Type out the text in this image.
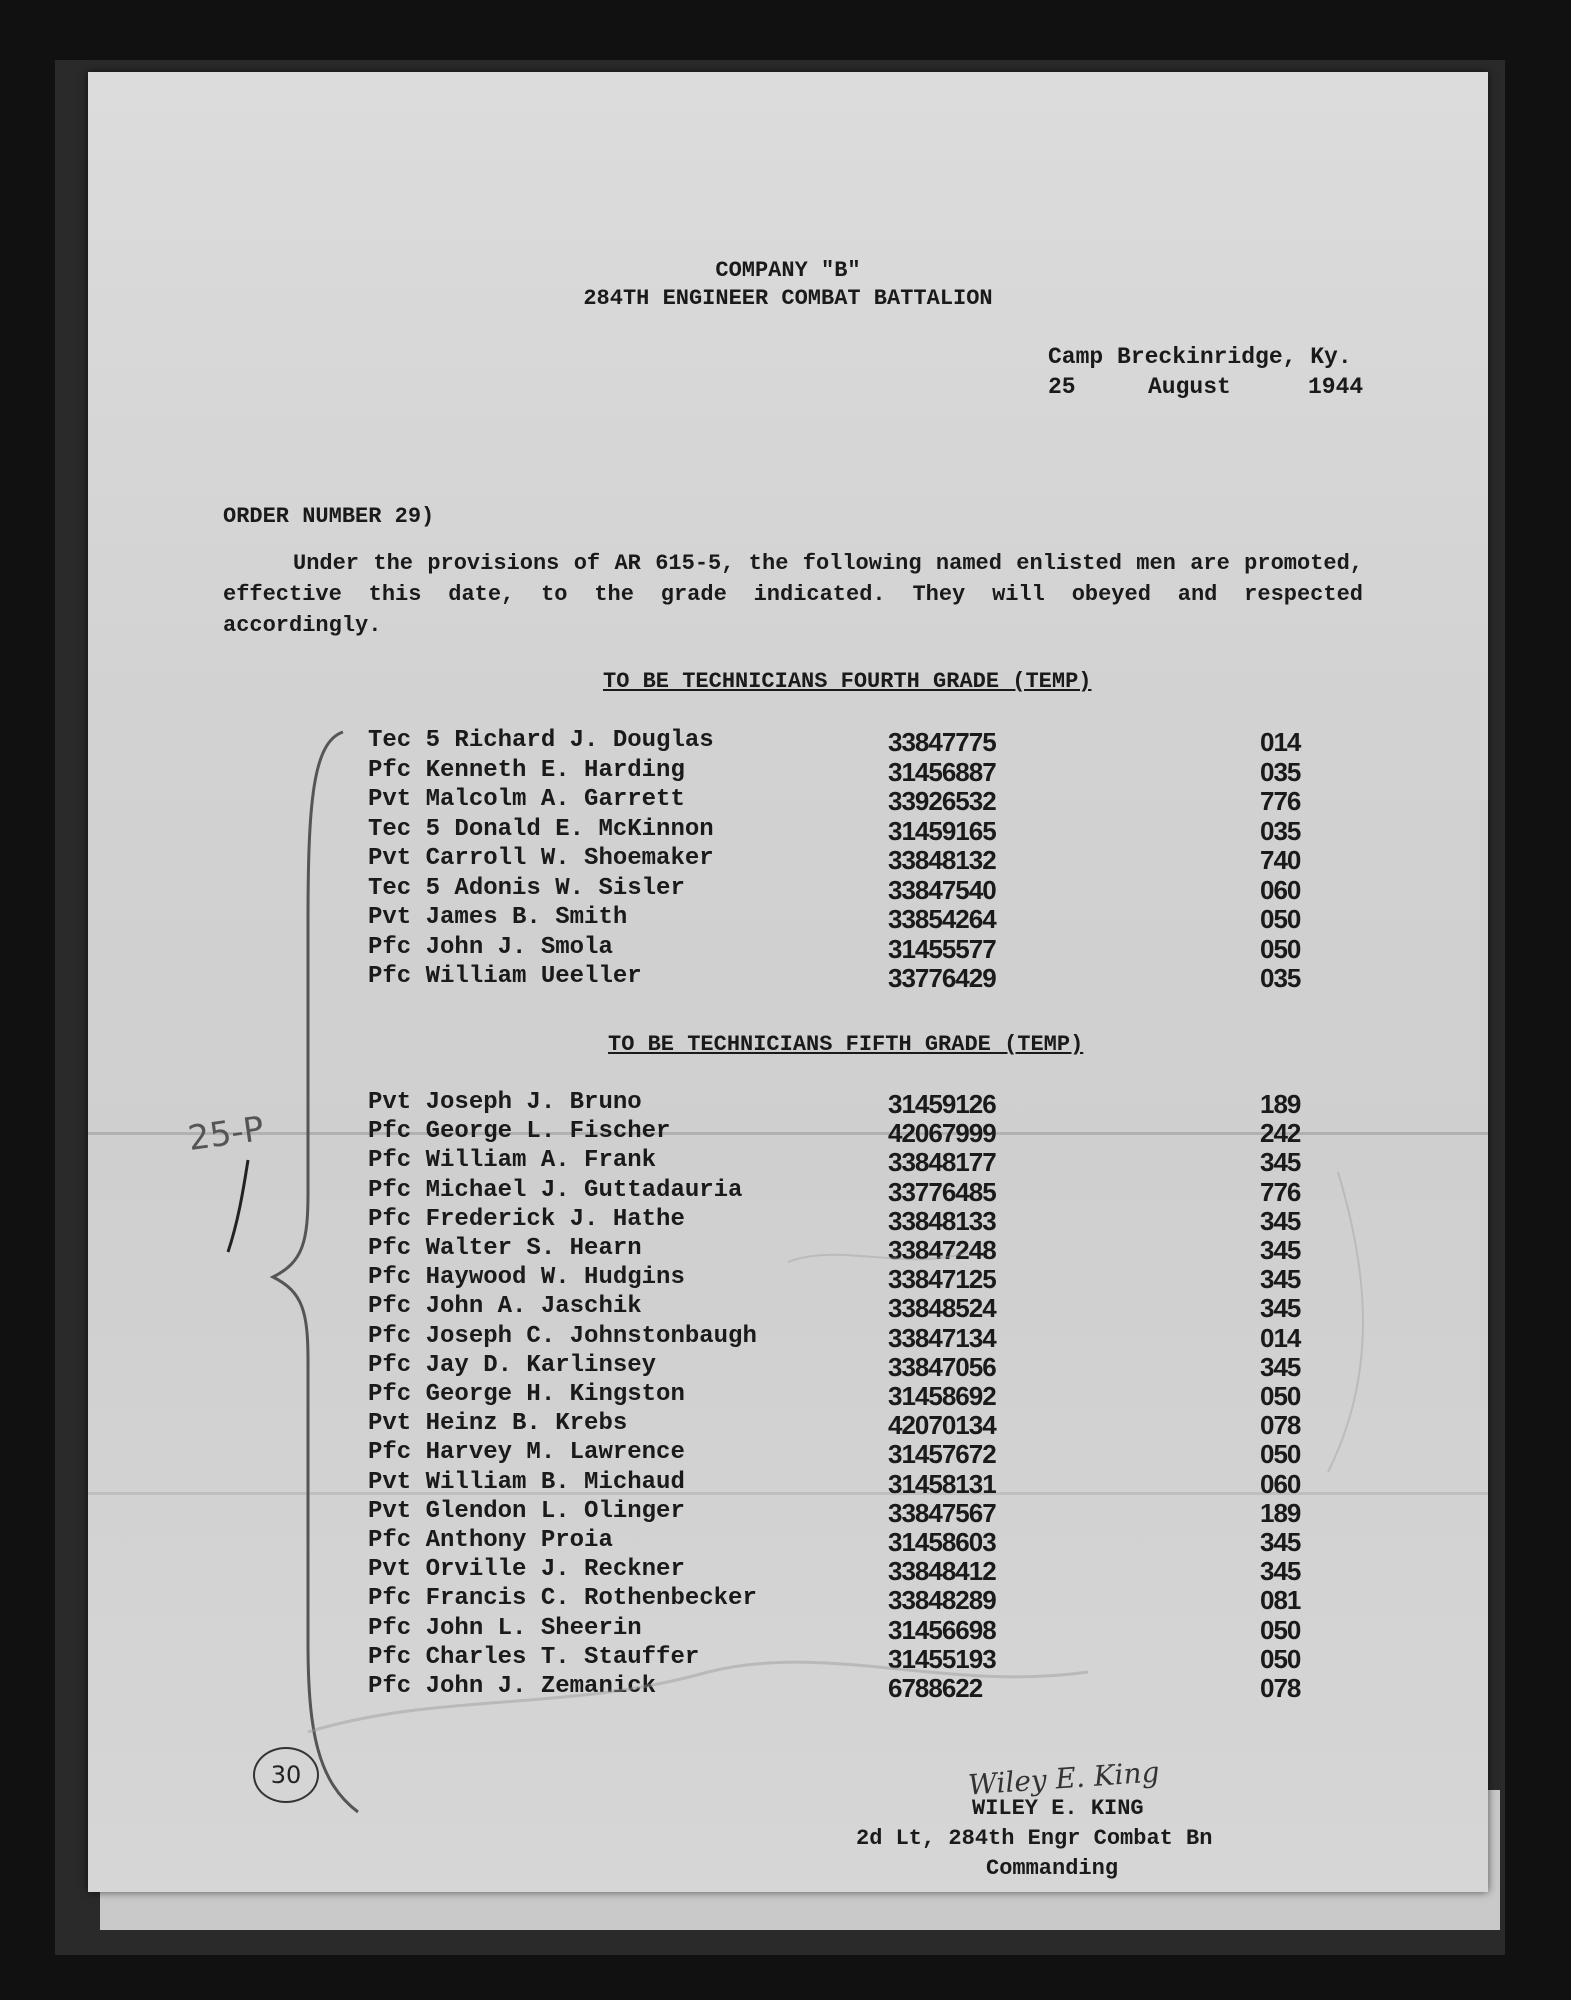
COMPANY "B"
284TH ENGINEER COMBAT BATTALION
Camp Breckinridge, Ky.
25	August	1944
ORDER NUMBER 29)
Under the provisions of AR 615-5, the following named enlisted men are promoted, effective this date, to the grade indicated. They will obeyed and respected accordingly.
TO BE TECHNICIANS FOURTH GRADE (TEMP)
Tec 5 Richard J. Douglas	33847775	014
Pfc Kenneth E. Harding	31456887	035
Pvt Malcolm A. Garrett	33926532	776
Tec 5 Donald E. McKinnon	31459165	035
Pvt Carroll W. Shoemaker	33848132	740
Tec 5 Adonis W. Sisler	33847540	060
Pvt James B. Smith	33854264	050
Pfc John J. Smola	31455577	050
Pfc William Ueeller	33776429	035
TO BE TECHNICIANS FIFTH GRADE (TEMP)
Pvt Joseph J. Bruno	31459126	189
Pfc George L. Fischer	42067999	242
Pfc William A. Frank	33848177	345
Pfc Michael J. Guttadauria	33776485	776
Pfc Frederick J. Hathe	33848133	345
Pfc Walter S. Hearn	33847248	345
Pfc Haywood W. Hudgins	33847125	345
Pfc John A. Jaschik	33848524	345
Pfc Joseph C. Johnstonbaugh	33847134	014
Pfc Jay D. Karlinsey	33847056	345
Pfc George H. Kingston	31458692	050
Pvt Heinz B. Krebs	42070134	078
Pfc Harvey M. Lawrence	31457672	050
Pvt William B. Michaud	31458131	060
Pvt Glendon L. Olinger	33847567	189
Pfc Anthony Proia	31458603	345
Pvt Orville J. Reckner	33848412	345
Pfc Francis C. Rothenbecker	33848289	081
Pfc John L. Sheerin	31456698	050
Pfc Charles T. Stauffer	31455193	050
Pfc John J. Zemanick	6788622	078
25-P
30	Wiley E. King
WILEY E. KING
2d Lt, 284th Engr Combat Bn
Commanding
